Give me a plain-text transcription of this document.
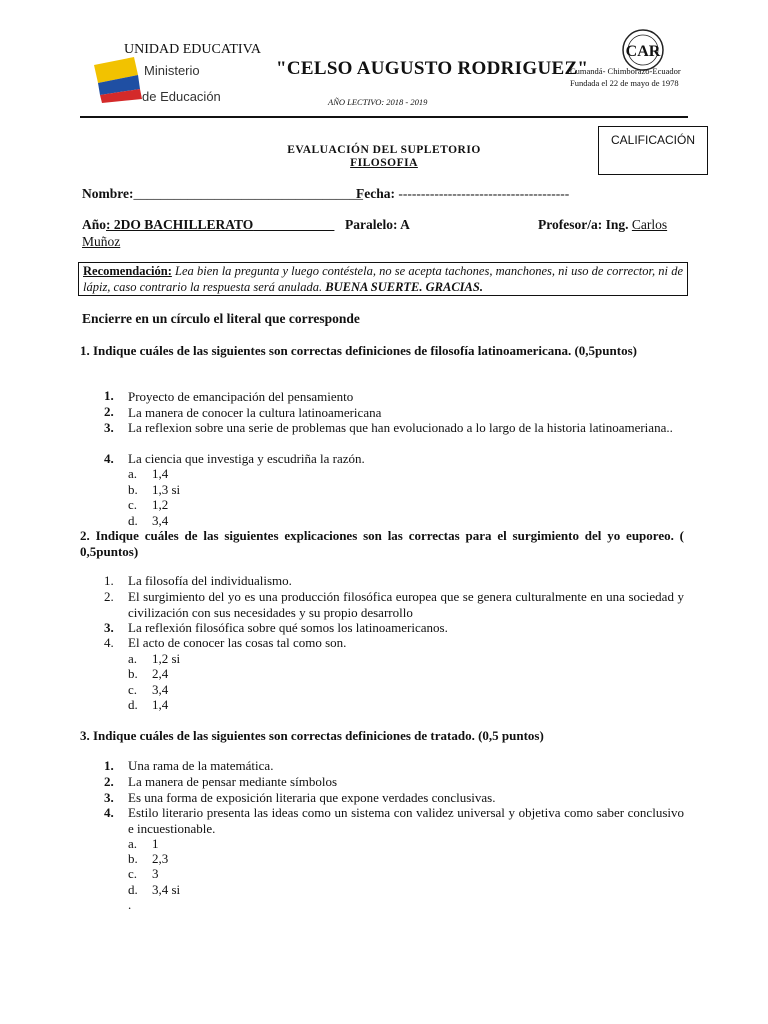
Ministerio
de Educación
UNIDAD EDUCATIVA
"CELSO AUGUSTO RODRIGUEZ"
AÑO LECTIVO: 2018 - 2019
CAR
Cumandá- Chimborazo-Ecuador
Fundada el 22 de mayo de 1978
CALIFICACIÓN
EVALUACIÓN DEL SUPLETORIO
FILOSOFIA
Nombre:__________________________________
Fecha: --------------------------------------
Año: 2DO BACHILLERATO____________ Paralelo: A	Profesor/a: Ing. Carlos
Muñoz
Recomendación: Lea bien la pregunta y luego contéstela, no se acepta tachones, manchones, ni uso de corrector, ni de lápiz, caso contrario la respuesta será anulada. BUENA SUERTE. GRACIAS.
Encierre en un círculo el literal que corresponde
1. Indique cuáles de las siguientes son correctas definiciones de filosofía latinoamericana. (0,5puntos)
1. Proyecto de emancipación del pensamiento
2. La manera de conocer la cultura latinoamericana
3. La reflexion sobre una serie de problemas que han evolucionado a lo largo de la historia latinoameriana..
4. La ciencia que investiga y escudriña la razón.
a. 1,4
b. 1,3 si
c. 1,2
d. 3,4
2. Indique cuáles de las siguientes explicaciones son las correctas para el surgimiento del yo euporeo. ( 0,5puntos)
1. La filosofía del individualismo.
2. El surgimiento del yo es una producción filosófica europea que se genera culturalmente en una sociedad y civilización con sus necesidades y su propio desarrollo
3. La reflexión filosófica sobre qué somos los latinoamericanos.
4. El acto de conocer las cosas tal como son.
a. 1,2 si
b. 2,4
c. 3,4
d. 1,4
3. Indique cuáles de las siguientes son correctas definiciones de tratado. (0,5 puntos)
1. Una rama de la matemática.
2. La manera de pensar mediante símbolos
3. Es una forma de exposición literaria que expone verdades conclusivas.
4. Estilo literario presenta las ideas como un sistema con validez universal y objetiva como saber conclusivo e incuestionable.
a. 1
b. 2,3
c. 3
d. 3,4 si
.
